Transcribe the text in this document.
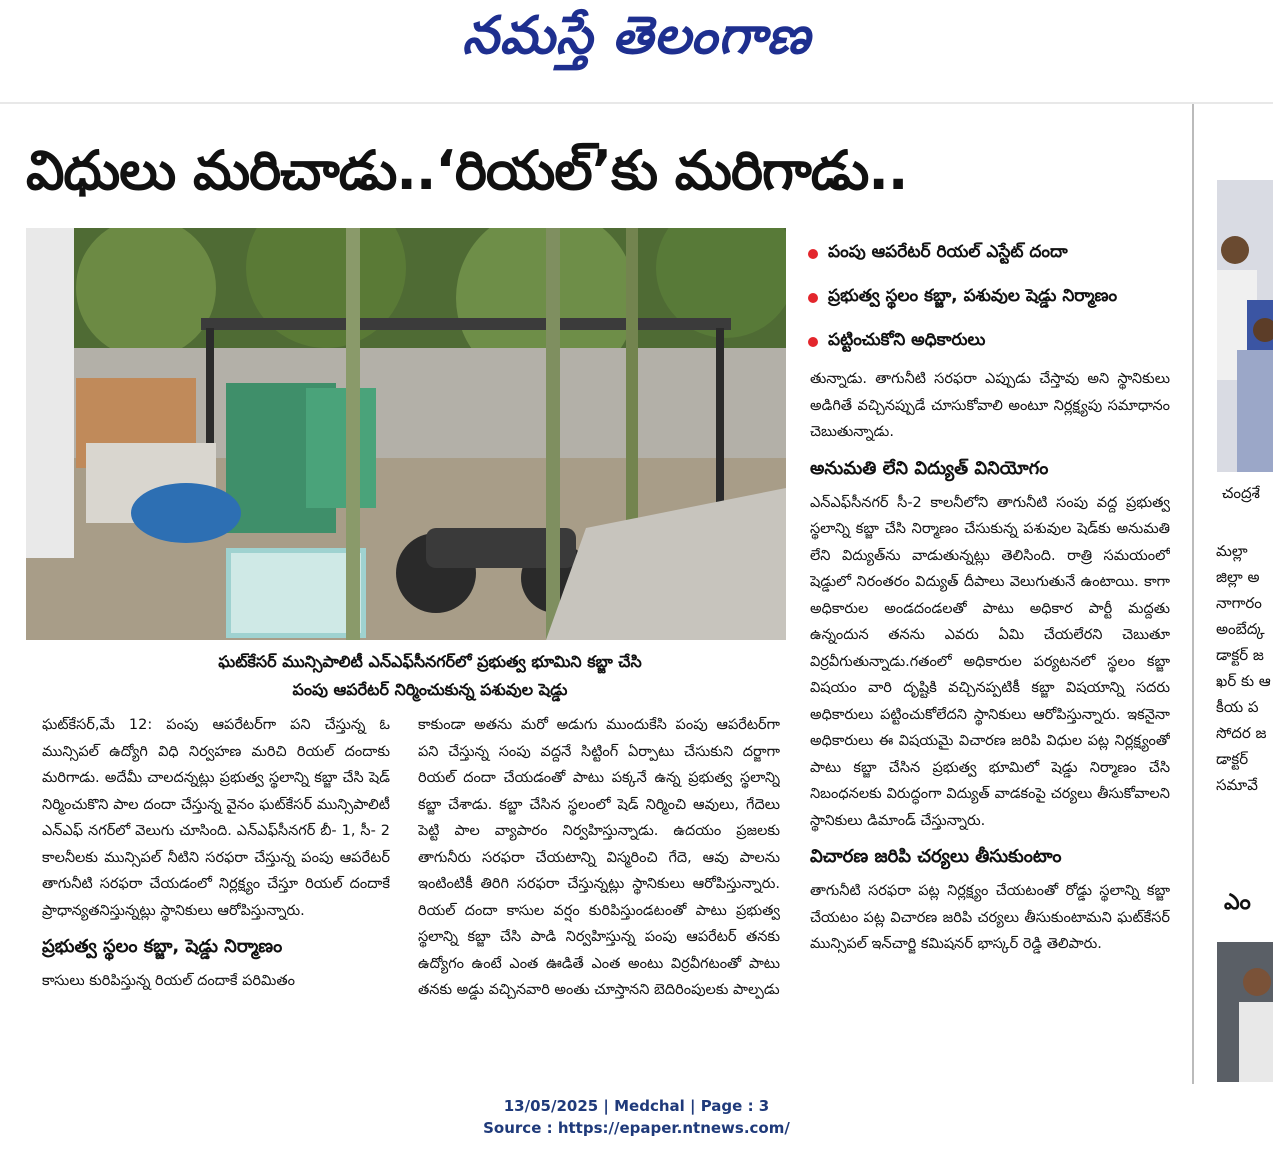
నమస్తే తెలంగాణ
విధులు మరిచాడు..‘రియల్’కు మరిగాడు..
ఘట్‌కేసర్ మున్సిపాలిటీ ఎన్ఎఫ్‌సీనగర్‌లో ప్రభుత్వ భూమిని కబ్జా చేసి
పంపు ఆపరేటర్ నిర్మించుకున్న పశువుల షెడ్డు
పంపు ఆపరేటర్ రియల్ ఎస్టేట్ దందా
ప్రభుత్వ స్థలం కబ్జా, పశువుల షెడ్డు నిర్మాణం
పట్టించుకోని అధికారులు

ఘట్‌కేసర్,మే 12: పంపు ఆపరేటర్‌గా పని చేస్తున్న ఓ మున్సిపల్ ఉద్యోగి విధి నిర్వహణ మరిచి రియల్ దందాకు మరిగాడు. అదేమీ చాలదన్నట్లు ప్రభుత్వ స్థలాన్ని కబ్జా చేసి షెడ్ నిర్మించుకొని పాల దందా చేస్తున్న వైనం ఘట్‌కేసర్ మున్సిపాలిటీ ఎన్ఎఫ్ నగర్‌లో వెలుగు చూసింది. ఎన్ఎఫ్‌సీనగర్ బీ- 1, సీ- 2 కాలనీలకు మున్సిపల్ నీటిని సరఫరా చేస్తున్న పంపు ఆపరేటర్ తాగునీటి సరఫరా చేయడంలో నిర్లక్ష్యం చేస్తూ రియల్ దందాకే ప్రాధాన్యతనిస్తున్నట్లు స్థానికులు ఆరోపిస్తున్నారు.

ప్రభుత్వ స్థలం కబ్జా, షెడ్డు నిర్మాణం

కాసులు కురిపిస్తున్న రియల్ దందాకే పరిమితం

కాకుండా అతను మరో అడుగు ముందుకేసి పంపు ఆపరేటర్‌గా పని చేస్తున్న సంపు వద్దనే సిట్టింగ్ ఏర్పాటు చేసుకుని దర్జాగా రియల్ దందా చేయడంతో పాటు పక్కనే ఉన్న ప్రభుత్వ స్థలాన్ని కబ్జా చేశాడు. కబ్జా చేసిన స్థలంలో షెడ్ నిర్మించి ఆవులు, గేదెలు పెట్టి పాల వ్యాపారం నిర్వహిస్తున్నాడు. ఉదయం ప్రజలకు తాగునీరు సరఫరా చేయటాన్ని విస్మరించి గేదె, ఆవు పాలను ఇంటింటికీ తిరిగి సరఫరా చేస్తున్నట్లు స్థానికులు ఆరోపిస్తున్నారు. రియల్ దందా కాసుల వర్షం కురిపిస్తుండటంతో పాటు ప్రభుత్వ స్థలాన్ని కబ్జా చేసి పాడి నిర్వహిస్తున్న పంపు ఆపరేటర్ తనకు ఉద్యోగం ఉంటే ఎంత ఊడితే ఎంత అంటు విర్రవీగటంతో పాటు తనకు అడ్డు వచ్చినవారి అంతు చూస్తానని బెదిరింపులకు పాల్పడు

తున్నాడు. తాగునీటి సరఫరా ఎప్పుడు చేస్తావు అని స్థానికులు అడిగితే వచ్చినప్పుడే చూసుకోవాలి అంటూ నిర్లక్ష్యపు సమాధానం చెబుతున్నాడు.

అనుమతి లేని విద్యుత్ వినియోగం

ఎన్ఎఫ్‌సీనగర్ సీ-2 కాలనీలోని తాగునీటి సంపు వద్ద ప్రభుత్వ స్థలాన్ని కబ్జా చేసి నిర్మాణం చేసుకున్న పశువుల షెడ్‌కు అనుమతి లేని విద్యుత్‌ను వాడుతున్నట్లు తెలిసింది. రాత్రి సమయంలో షెడ్డులో నిరంతరం విద్యుత్ దీపాలు వెలుగుతునే ఉంటాయి. కాగా అధికారుల అండదండలతో పాటు అధికార పార్టీ మద్దతు ఉన్నందున తనను ఎవరు ఏమి చేయలేరని చెబుతూ విర్రవీగుతున్నాడు.గతంలో అధికారుల పర్యటనలో స్థలం కబ్జా విషయం వారి దృష్టికి వచ్చినప్పటికీ కబ్జా విషయాన్ని సదరు అధికారులు పట్టించుకోలేదని స్థానికులు ఆరోపిస్తున్నారు. ఇకనైనా అధికారులు ఈ విషయమై విచారణ జరిపి విధుల పట్ల నిర్లక్ష్యంతో పాటు కబ్జా చేసిన ప్రభుత్వ భూమిలో షెడ్డు నిర్మాణం చేసి నిబంధనలకు విరుద్ధంగా విద్యుత్ వాడకంపై చర్యలు తీసుకోవాలని స్థానికులు డిమాండ్ చేస్తున్నారు.

విచారణ జరిపి చర్యలు తీసుకుంటాం

తాగునీటి సరఫరా పట్ల నిర్లక్ష్యం చేయటంతో రోడ్డు స్థలాన్ని కబ్జా చేయటం పట్ల విచారణ జరిపి చర్యలు తీసుకుంటామని ఘట్‌కేసర్ మున్సిపల్ ఇన్‌చార్జి కమిషనర్ భాస్కర్ రెడ్డి తెలిపారు.

చంద్రశే
మల్లా
జిల్లా అ
నాగారం
అంబేద్క
డాక్టర్ జ
ఖర్ కు ఆ
కీయ ప
సోదర జ
డాక్టర్
సమావే
ఎం
13/05/2025 | Medchal | Page : 3
Source : https://epaper.ntnews.com/
